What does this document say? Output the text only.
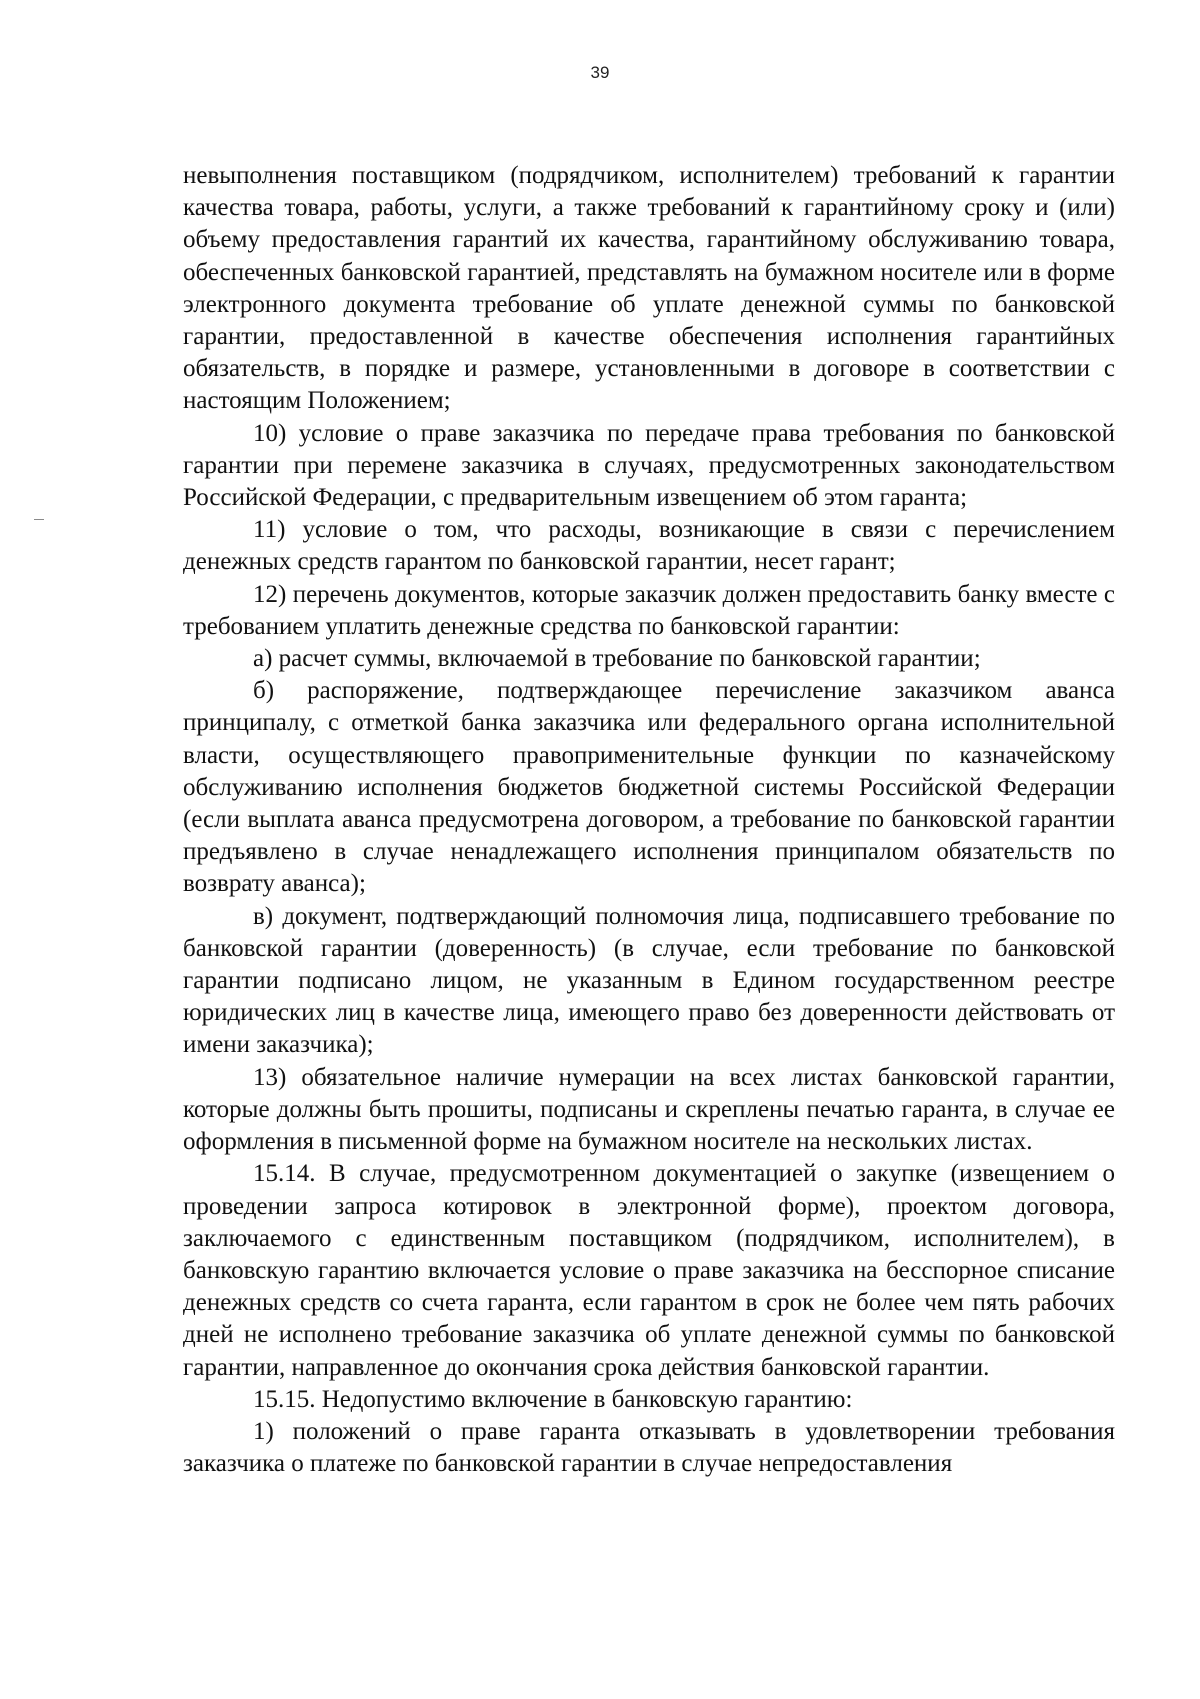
39

невыполнения поставщиком (подрядчиком, исполнителем) требований к гарантии качества товара, работы, услуги, а также требований к гарантийному сроку и (или) объему предоставления гарантий их качества, гарантийному обслуживанию товара, обеспеченных банковской гарантией, представлять на бумажном носителе или в форме электронного документа требование об уплате денежной суммы по банковской гарантии, предоставленной в качестве обеспечения исполнения гарантийных обязательств, в порядке и размере, установленными в договоре в соответствии с настоящим Положением;

10) условие о праве заказчика по передаче права требования по банковской гарантии при перемене заказчика в случаях, предусмотренных законодательством Российской Федерации, с предварительным извещением об этом гаранта;

11) условие о том, что расходы, возникающие в связи с перечислением денежных средств гарантом по банковской гарантии, несет гарант;

12) перечень документов, которые заказчик должен предоставить банку вместе с требованием уплатить денежные средства по банковской гарантии:

а) расчет суммы, включаемой в требование по банковской гарантии;

б) распоряжение, подтверждающее перечисление заказчиком аванса принципалу, с отметкой банка заказчика или федерального органа исполнительной власти, осуществляющего правоприменительные функции по казначейскому обслуживанию исполнения бюджетов бюджетной системы Российской Федерации (если выплата аванса предусмотрена договором, а требование по банковской гарантии предъявлено в случае ненадлежащего исполнения принципалом обязательств по возврату аванса);

в) документ, подтверждающий полномочия лица, подписавшего требование по банковской гарантии (доверенность) (в случае, если требование по банковской гарантии подписано лицом, не указанным в Едином государственном реестре юридических лиц в качестве лица, имеющего право без доверенности действовать от имени заказчика);

13) обязательное наличие нумерации на всех листах банковской гарантии, которые должны быть прошиты, подписаны и скреплены печатью гаранта, в случае ее оформления в письменной форме на бумажном носителе на нескольких листах.

15.14. В случае, предусмотренном документацией о закупке (извещением о проведении запроса котировок в электронной форме), проектом договора, заключаемого с единственным поставщиком (подрядчиком, исполнителем), в банковскую гарантию включается условие о праве заказчика на бесспорное списание денежных средств со счета гаранта, если гарантом в срок не более чем пять рабочих дней не исполнено требование заказчика об уплате денежной суммы по банковской гарантии, направленное до окончания срока действия банковской гарантии.

15.15. Недопустимо включение в банковскую гарантию:

1) положений о праве гаранта отказывать в удовлетворении требования заказчика о платеже по банковской гарантии в случае непредоставления
